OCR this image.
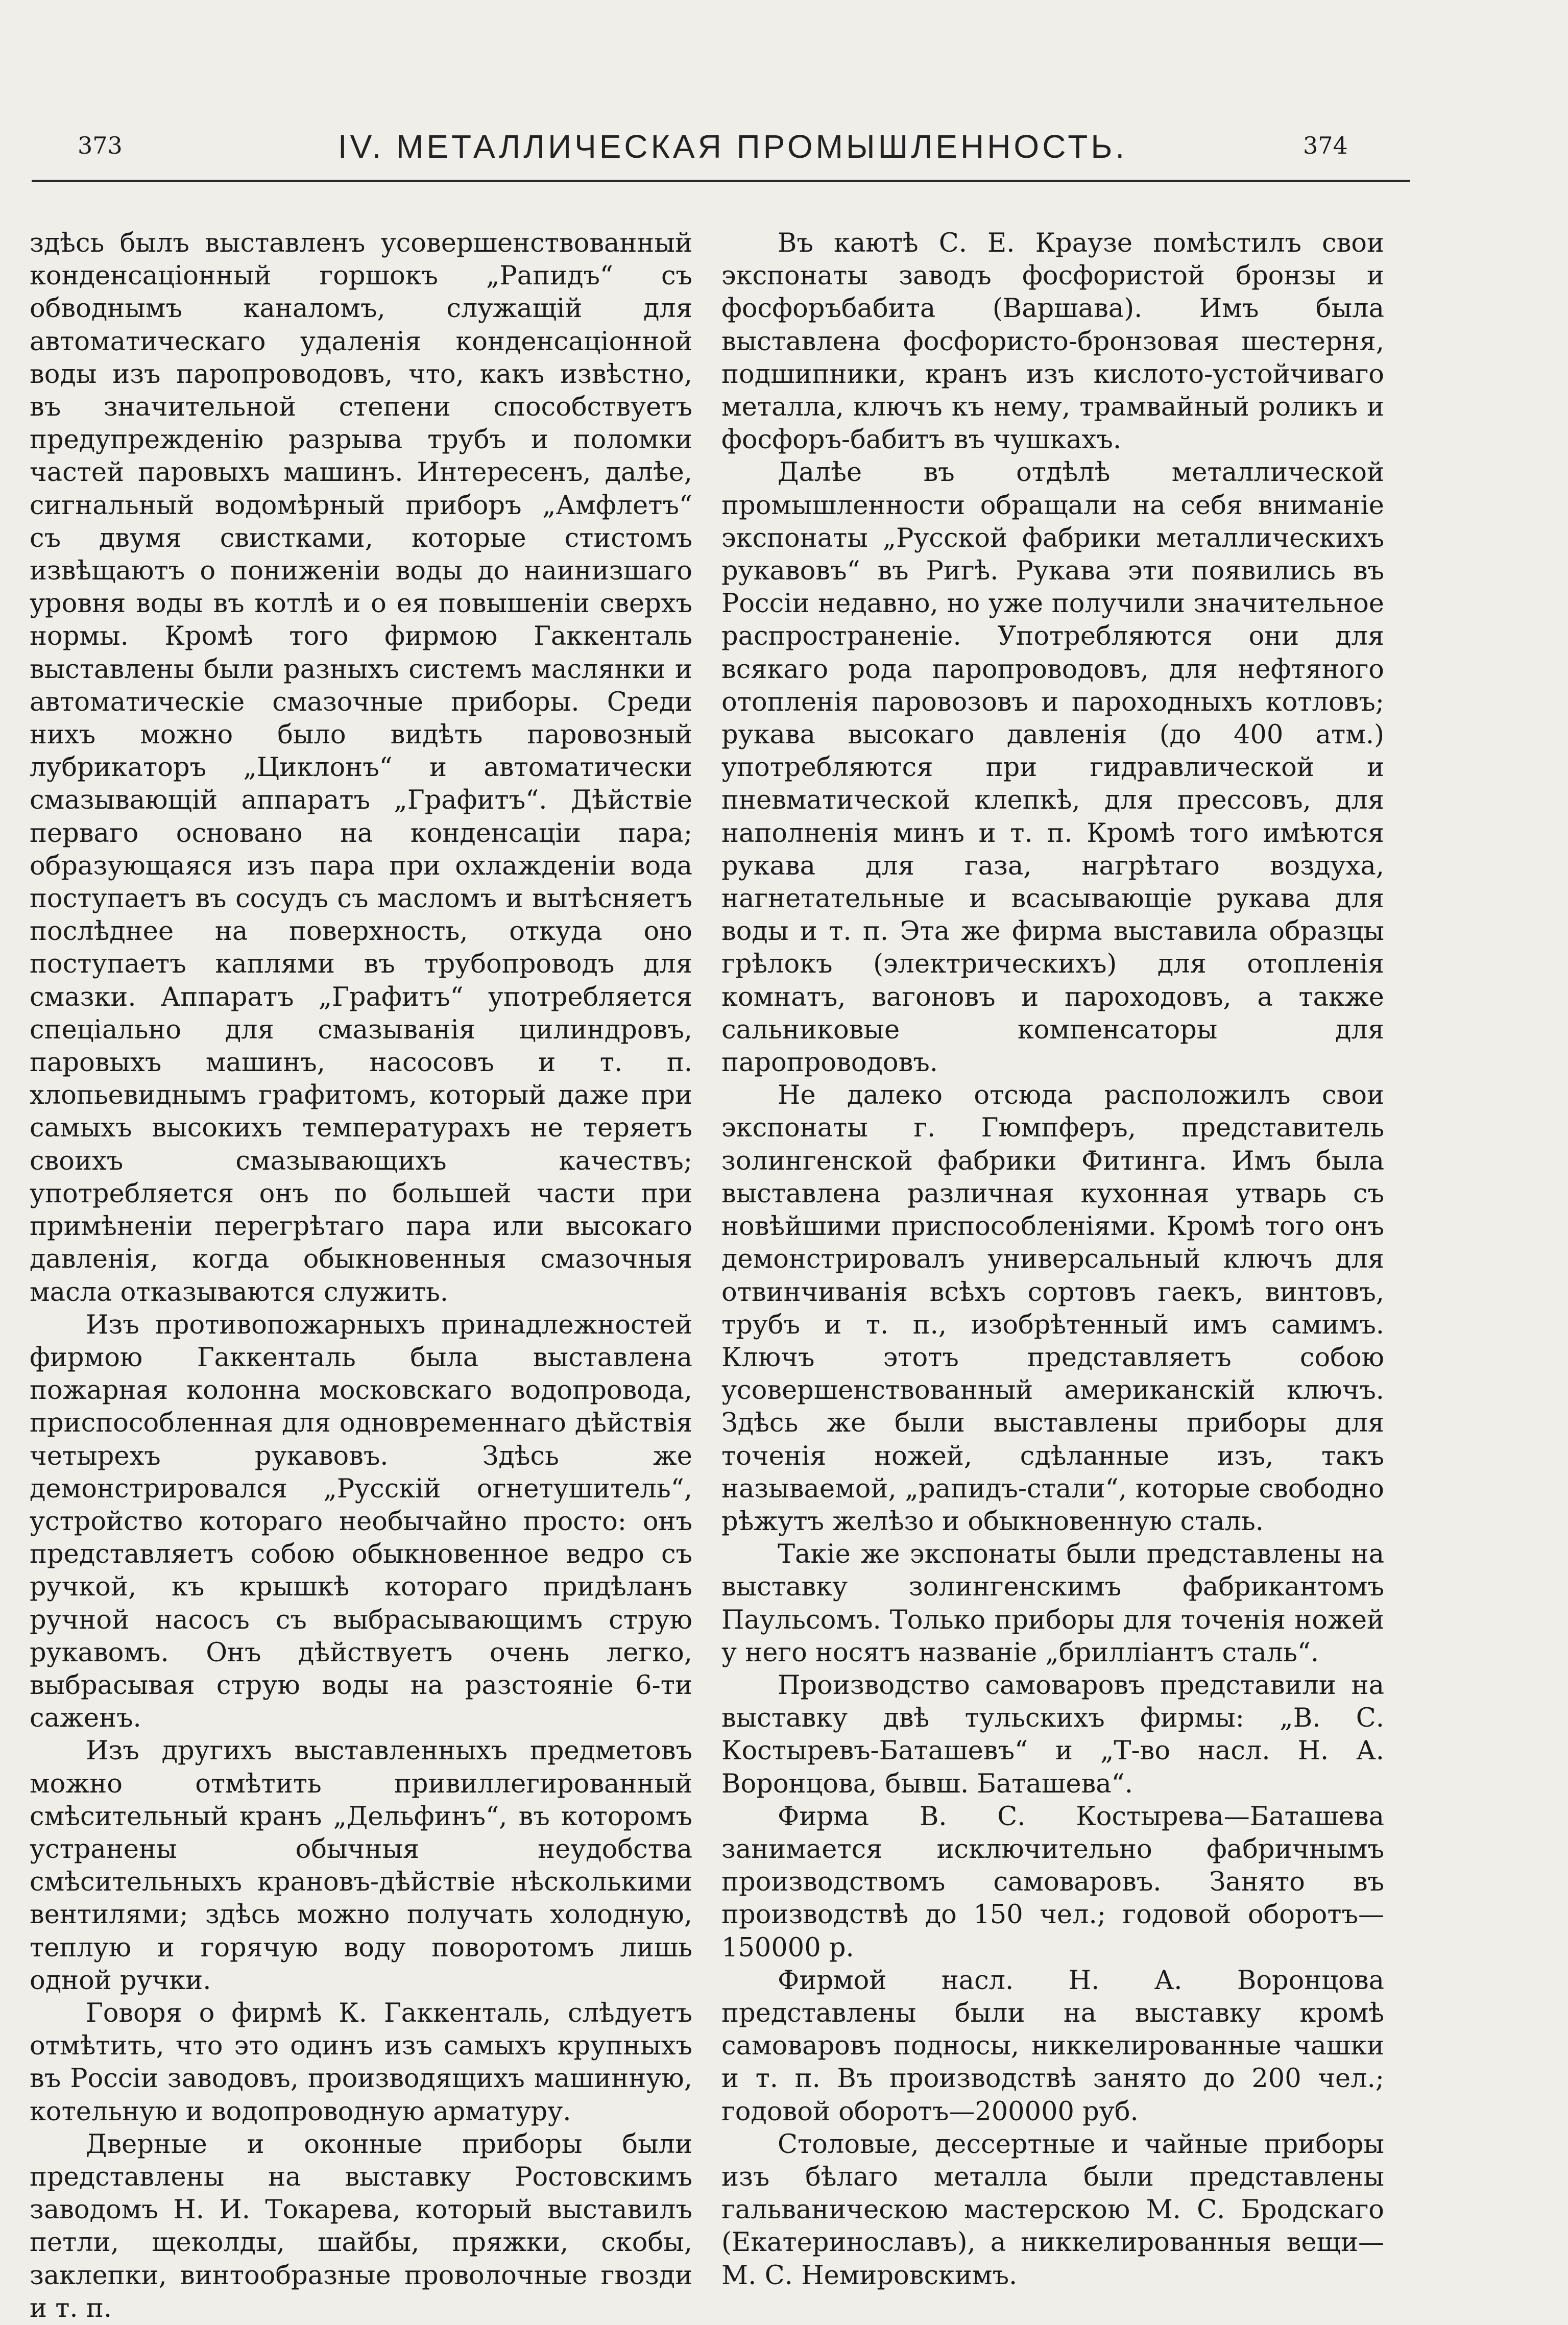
373	IV. МЕТАЛЛИЧЕСКАЯ ПРОМЫШЛЕННОСТЬ.	374

здѣсь былъ выставленъ усовершенствованный конденсаціонный горшокъ „Рапидъ“ съ обводнымъ каналомъ, служащій для автоматическаго удаленія конденсаціонной воды изъ паропроводовъ, что, какъ извѣстно, въ значительной степени способствуетъ предупрежденію разрыва трубъ и поломки частей паровыхъ машинъ. Интересенъ, далѣе, сигнальный водомѣрный приборъ „Амфлетъ“ съ двумя свистками, которые стистомъ извѣщаютъ о пониженіи воды до наинизшаго уровня воды въ котлѣ и о ея повышеніи сверхъ нормы. Кромѣ того фирмою Гаккенталь выставлены были разныхъ системъ маслянки и автоматическіе смазочные приборы. Среди нихъ можно было видѣть паровозный лубрикаторъ „Циклонъ“ и автоматически смазывающій аппаратъ „Графитъ“. Дѣйствіе перваго основано на конденсаціи пара; образующаяся изъ пара при охлажденіи вода поступаетъ въ сосудъ съ масломъ и вытѣсняетъ послѣднее на поверхность, откуда оно поступаетъ каплями въ трубопроводъ для смазки. Аппаратъ „Графитъ“ употребляется спеціально для смазыванія цилиндровъ, паровыхъ машинъ, насосовъ и т. п. хлопьевиднымъ графитомъ, который даже при самыхъ высокихъ температурахъ не теряетъ своихъ смазывающихъ качествъ; употребляется онъ по большей части при примѣненіи перегрѣтаго пара или высокаго давленія, когда обыкновенныя смазочныя масла отказываются служить.

Изъ противопожарныхъ принадлежностей фирмою Гаккенталь была выставлена пожарная колонна московскаго водопровода, приспособленная для одновременнаго дѣйствія четырехъ рукавовъ. Здѣсь же демонстрировался „Русскій огнетушитель“, устройство котораго необычайно просто: онъ представляетъ собою обыкновенное ведро съ ручкой, къ крышкѣ котораго придѣланъ ручной насосъ съ выбрасывающимъ струю рукавомъ. Онъ дѣйствуетъ очень легко, выбрасывая струю воды на разстояніе 6-ти саженъ.

Изъ другихъ выставленныхъ предметовъ можно отмѣтить привиллегированный смѣсительный кранъ „Дельфинъ“, въ которомъ устранены обычныя неудобства смѣсительныхъ крановъ-дѣйствіе нѣсколькими вентилями; здѣсь можно получать холодную, теплую и горячую воду поворотомъ лишь одной ручки.

Говоря о фирмѣ К. Гаккенталь, слѣдуетъ отмѣтить, что это одинъ изъ самыхъ крупныхъ въ Россіи заводовъ, производящихъ машинную, котельную и водопроводную арматуру.

Дверные и оконные приборы были представлены на выставку Ростовскимъ заводомъ Н. И. Токарева, который выставилъ петли, щеколды, шайбы, пряжки, скобы, заклепки, винтообразные проволочные гвозди и т. п.

Въ каютѣ С. Е. Краузе помѣстилъ свои экспонаты заводъ фосфористой бронзы и фосфоръбабита (Варшава). Имъ была выставлена фосфористо-бронзовая шестерня, подшипники, кранъ изъ кислото-устойчиваго металла, ключъ къ нему, трамвайный роликъ и фосфоръ-бабитъ въ чушкахъ.

Далѣе въ отдѣлѣ металлической промышленности обращали на себя вниманіе экспонаты „Русской фабрики металлическихъ рукавовъ“ въ Ригѣ. Рукава эти появились въ Россіи недавно, но уже получили значительное распространеніе. Употребляются они для всякаго рода паропроводовъ, для нефтяного отопленія паровозовъ и пароходныхъ котловъ; рукава высокаго давленія (до 400 атм.) употребляются при гидравлической и пневматической клепкѣ, для прессовъ, для наполненія минъ и т. п. Кромѣ того имѣются рукава для газа, нагрѣтаго воздуха, нагнетательные и всасывающіе рукава для воды и т. п. Эта же фирма выставила образцы грѣлокъ (электрическихъ) для отопленія комнатъ, вагоновъ и пароходовъ, а также сальниковые компенсаторы для паропроводовъ.

Не далеко отсюда расположилъ свои экспонаты г. Гюмпферъ, представитель золингенской фабрики Фитинга. Имъ была выставлена различная кухонная утварь съ новѣйшими приспособленіями. Кромѣ того онъ демонстрировалъ универсальный ключъ для отвинчиванія всѣхъ сортовъ гаекъ, винтовъ, трубъ и т. п., изобрѣтенный имъ самимъ. Ключъ этотъ представляетъ собою усовершенствованный американскій ключъ. Здѣсь же были выставлены приборы для точенія ножей, сдѣланные изъ, такъ называемой, „рапидъ-стали“, которые свободно рѣжутъ желѣзо и обыкновенную сталь.

Такіе же экспонаты были представлены на выставку золингенскимъ фабрикантомъ Паульсомъ. Только приборы для точенія ножей у него носятъ названіе „бриллiантъ сталь“.

Производство самоваровъ представили на выставку двѣ тульскихъ фирмы: „В. С. Костыревъ-Баташевъ“ и „Т-во насл. Н. А. Воронцова, бывш. Баташева“.

Фирма В. С. Костырева—Баташева занимается исключительно фабричнымъ производствомъ самоваровъ. Занято въ производствѣ до 150 чел.; годовой оборотъ—150000 р.

Фирмой насл. Н. А. Воронцова представлены были на выставку кромѣ самоваровъ подносы, никкелированные чашки и т. п. Въ производствѣ занято до 200 чел.; годовой оборотъ—200000 руб.

Столовые, дессертные и чайные приборы изъ бѣлаго металла были представлены гальваническою мастерскою М. С. Бродскаго (Екатеринославъ), а никкелированныя вещи—М. С. Немировскимъ.
